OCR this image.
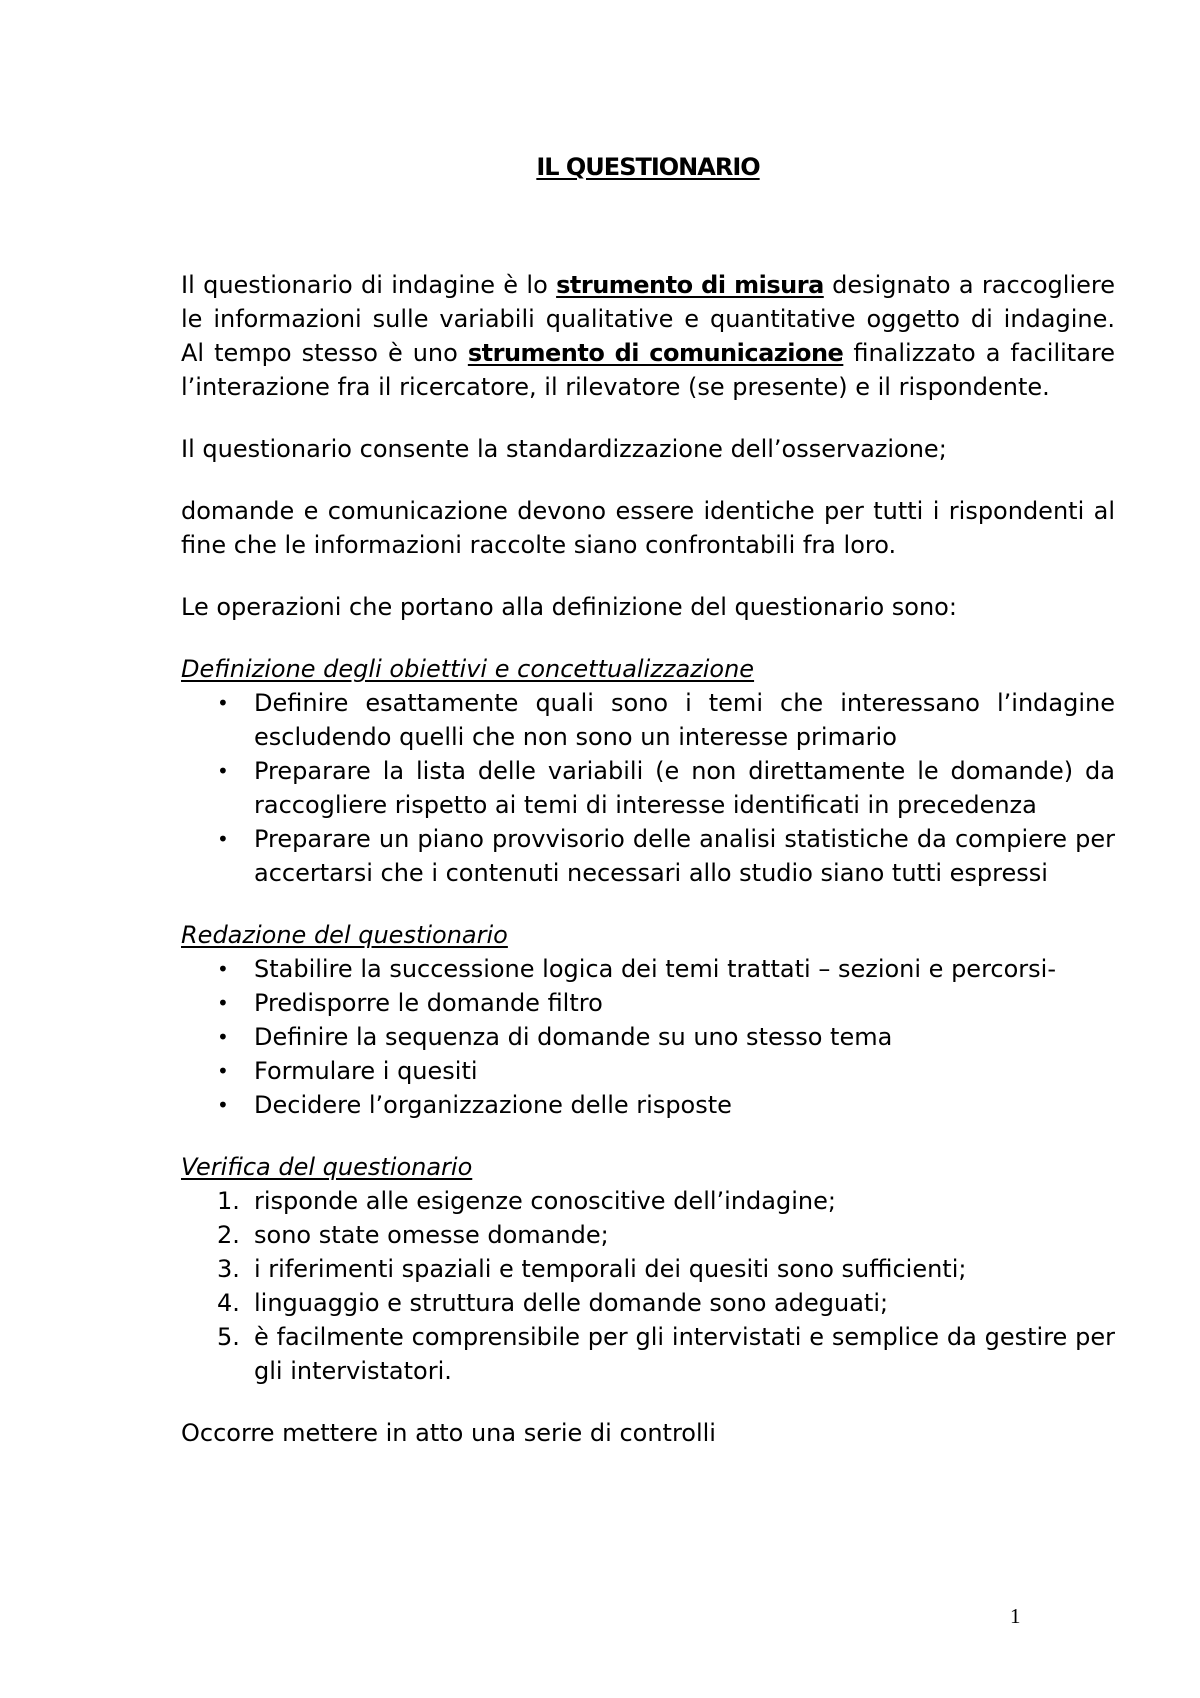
IL QUESTIONARIO

Il questionario di indagine è lo strumento di misura designato a raccogliere le informazioni sulle variabili qualitative e quantitative oggetto di indagine. Al tempo stesso è uno strumento di comunicazione finalizzato a facilitare l’interazione fra il ricercatore, il rilevatore (se presente) e il rispondente.

Il questionario consente la standardizzazione dell’osservazione;

domande e comunicazione devono essere identiche per tutti i rispondenti al fine che le informazioni raccolte siano confrontabili fra loro.

Le operazioni che portano alla definizione del questionario sono:

Definizione degli obiettivi e concettualizzazione

• Definire esattamente quali sono i temi che interessano l’indagine escludendo quelli che non sono un interesse primario
• Preparare la lista delle variabili (e non direttamente le domande) da raccogliere rispetto ai temi di interesse identificati in precedenza
• Preparare un piano provvisorio delle analisi statistiche da compiere per accertarsi che i contenuti necessari allo studio siano tutti espressi

Redazione del questionario

• Stabilire la successione logica dei temi trattati – sezioni e percorsi-
• Predisporre le domande filtro
• Definire la sequenza di domande su uno stesso tema
• Formulare i quesiti
• Decidere l’organizzazione delle risposte

Verifica del questionario

1. risponde alle esigenze conoscitive dell’indagine;
2. sono state omesse domande;
3. i riferimenti spaziali e temporali dei quesiti sono sufficienti;
4. linguaggio e struttura delle domande sono adeguati;
5. è facilmente comprensibile per gli intervistati e semplice da gestire per gli intervistatori.

Occorre mettere in atto una serie di controlli

1
